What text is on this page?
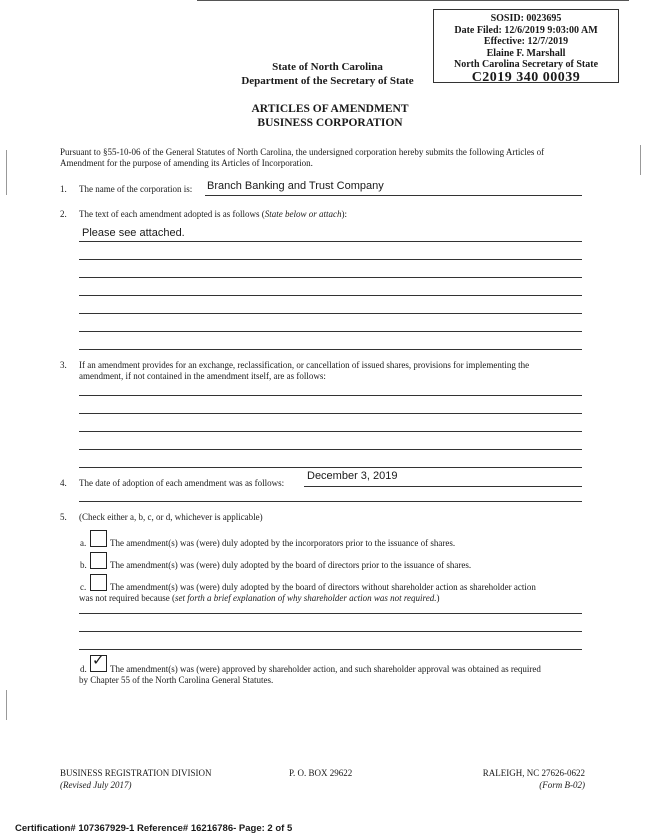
SOSID: 0023695
Date Filed: 12/6/2019 9:03:00 AM
Effective: 12/7/2019
Elaine F. Marshall
North Carolina Secretary of State
C2019 340 00039
State of North Carolina
Department of the Secretary of State
ARTICLES OF AMENDMENT
BUSINESS CORPORATION
Pursuant to §55-10-06 of the General Statutes of North Carolina, the undersigned corporation hereby submits the following Articles of
Amendment for the purpose of amending its Articles of Incorporation.
1. The name of the corporation is: Branch Banking and Trust Company
2. The text of each amendment adopted is as follows (State below or attach):
Please see attached.
3. If an amendment provides for an exchange, reclassification, or cancellation of issued shares, provisions for implementing the
amendment, if not contained in the amendment itself, are as follows:
4. The date of adoption of each amendment was as follows:
December 3, 2019
5. (Check either a, b, c, or d, whichever is applicable)
a.	The amendment(s) was (were) duly adopted by the incorporators prior to the issuance of shares.
b.	The amendment(s) was (were) duly adopted by the board of directors prior to the issuance of shares.
c.	The amendment(s) was (were) duly adopted by the board of directors without shareholder action as shareholder action
was not required because (set forth a brief explanation of why shareholder action was not required.)
d. ✓ The amendment(s) was (were) approved by shareholder action, and such shareholder approval was obtained as required
by Chapter 55 of the North Carolina General Statutes.
BUSINESS REGISTRATION DIVISION
(Revised July 2017)
P. O. BOX 29622	RALEIGH, NC 27626-0622
(Form B-02)
Certification# 107367929-1 Reference# 16216786- Page: 2 of 5
